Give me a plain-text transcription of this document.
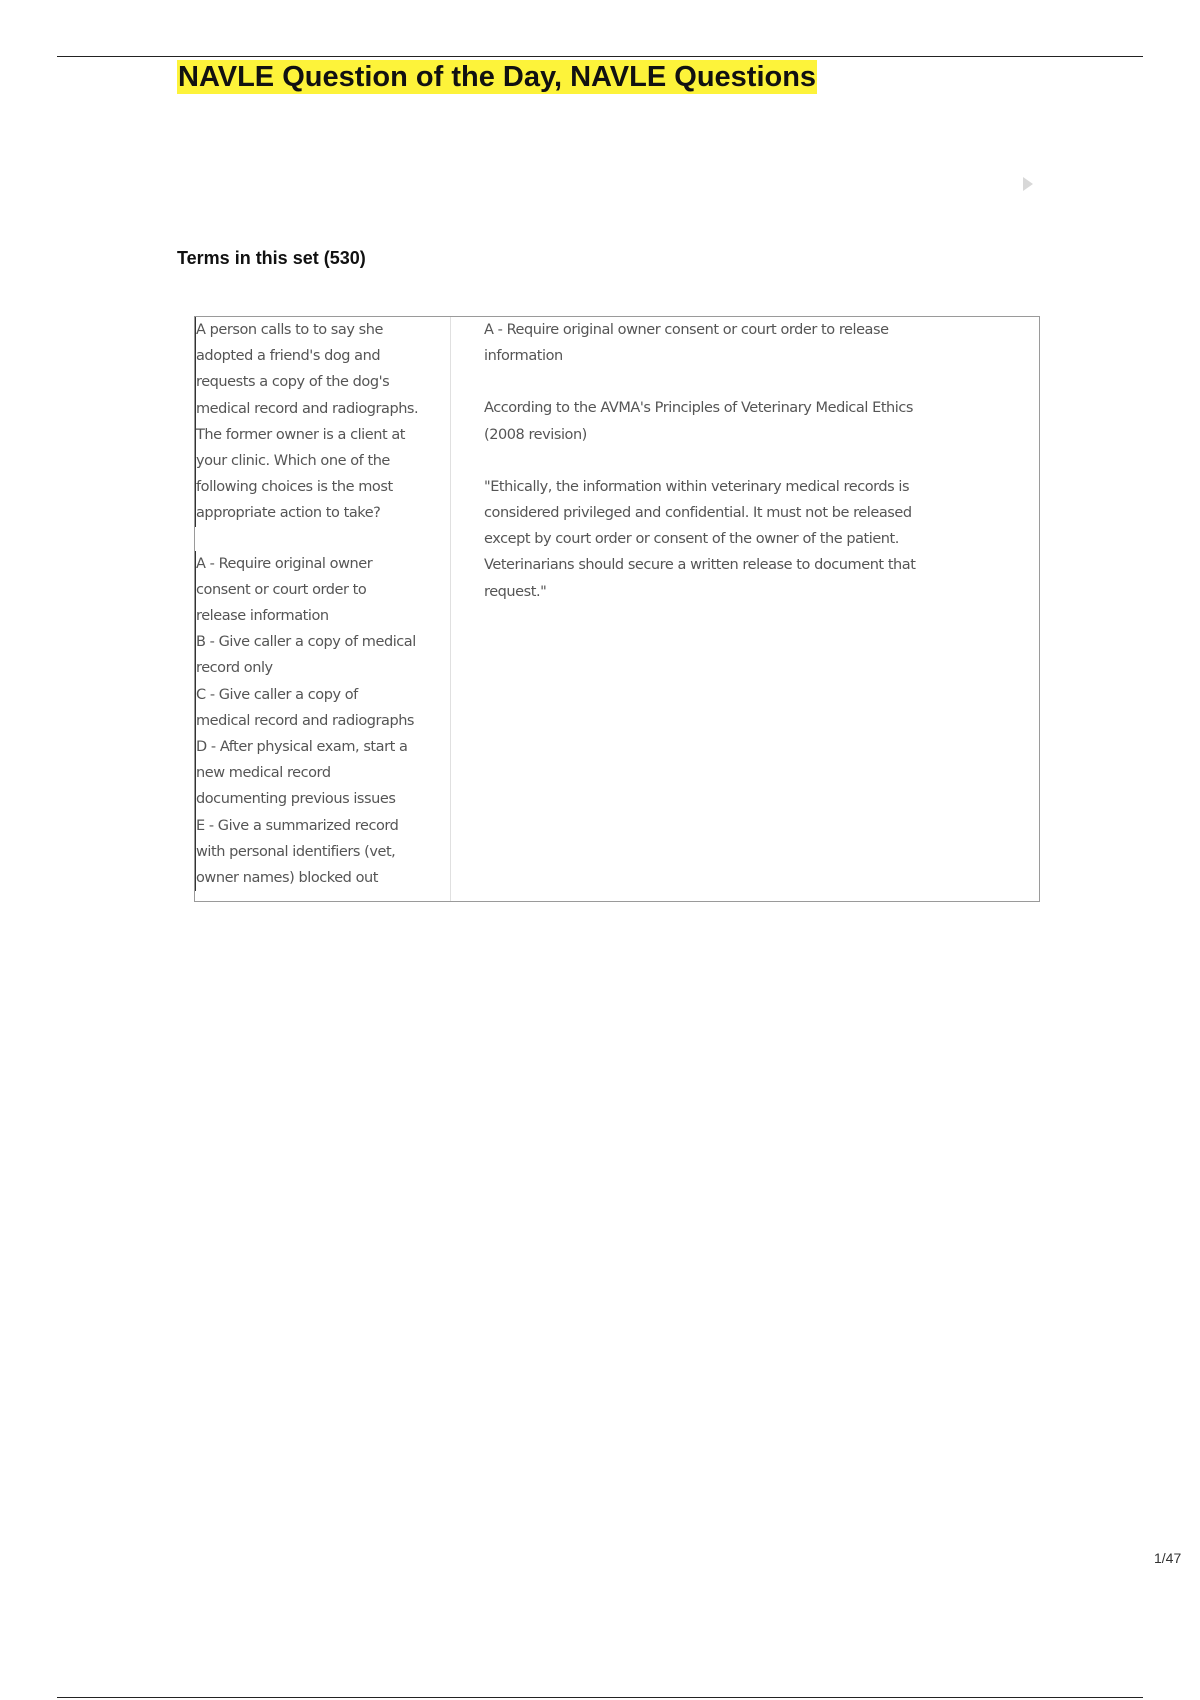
NAVLE Question of the Day, NAVLE Questions
Terms in this set (530)
A person calls to to say she
adopted a friend's dog and
requests a copy of the dog's
medical record and radiographs.
The former owner is a client at
your clinic. Which one of the
following choices is the most
appropriate action to take?
A - Require original owner
consent or court order to
release information
B - Give caller a copy of medical
record only
C - Give caller a copy of
medical record and radiographs
D - After physical exam, start a
new medical record
documenting previous issues
E - Give a summarized record
with personal identifiers (vet,
owner names) blocked out
A - Require original owner consent or court order to release
information
According to the AVMA's Principles of Veterinary Medical Ethics
(2008 revision)
"Ethically, the information within veterinary medical records is
considered privileged and confidential. It must not be released
except by court order or consent of the owner of the patient.
Veterinarians should secure a written release to document that
request."
1/47
